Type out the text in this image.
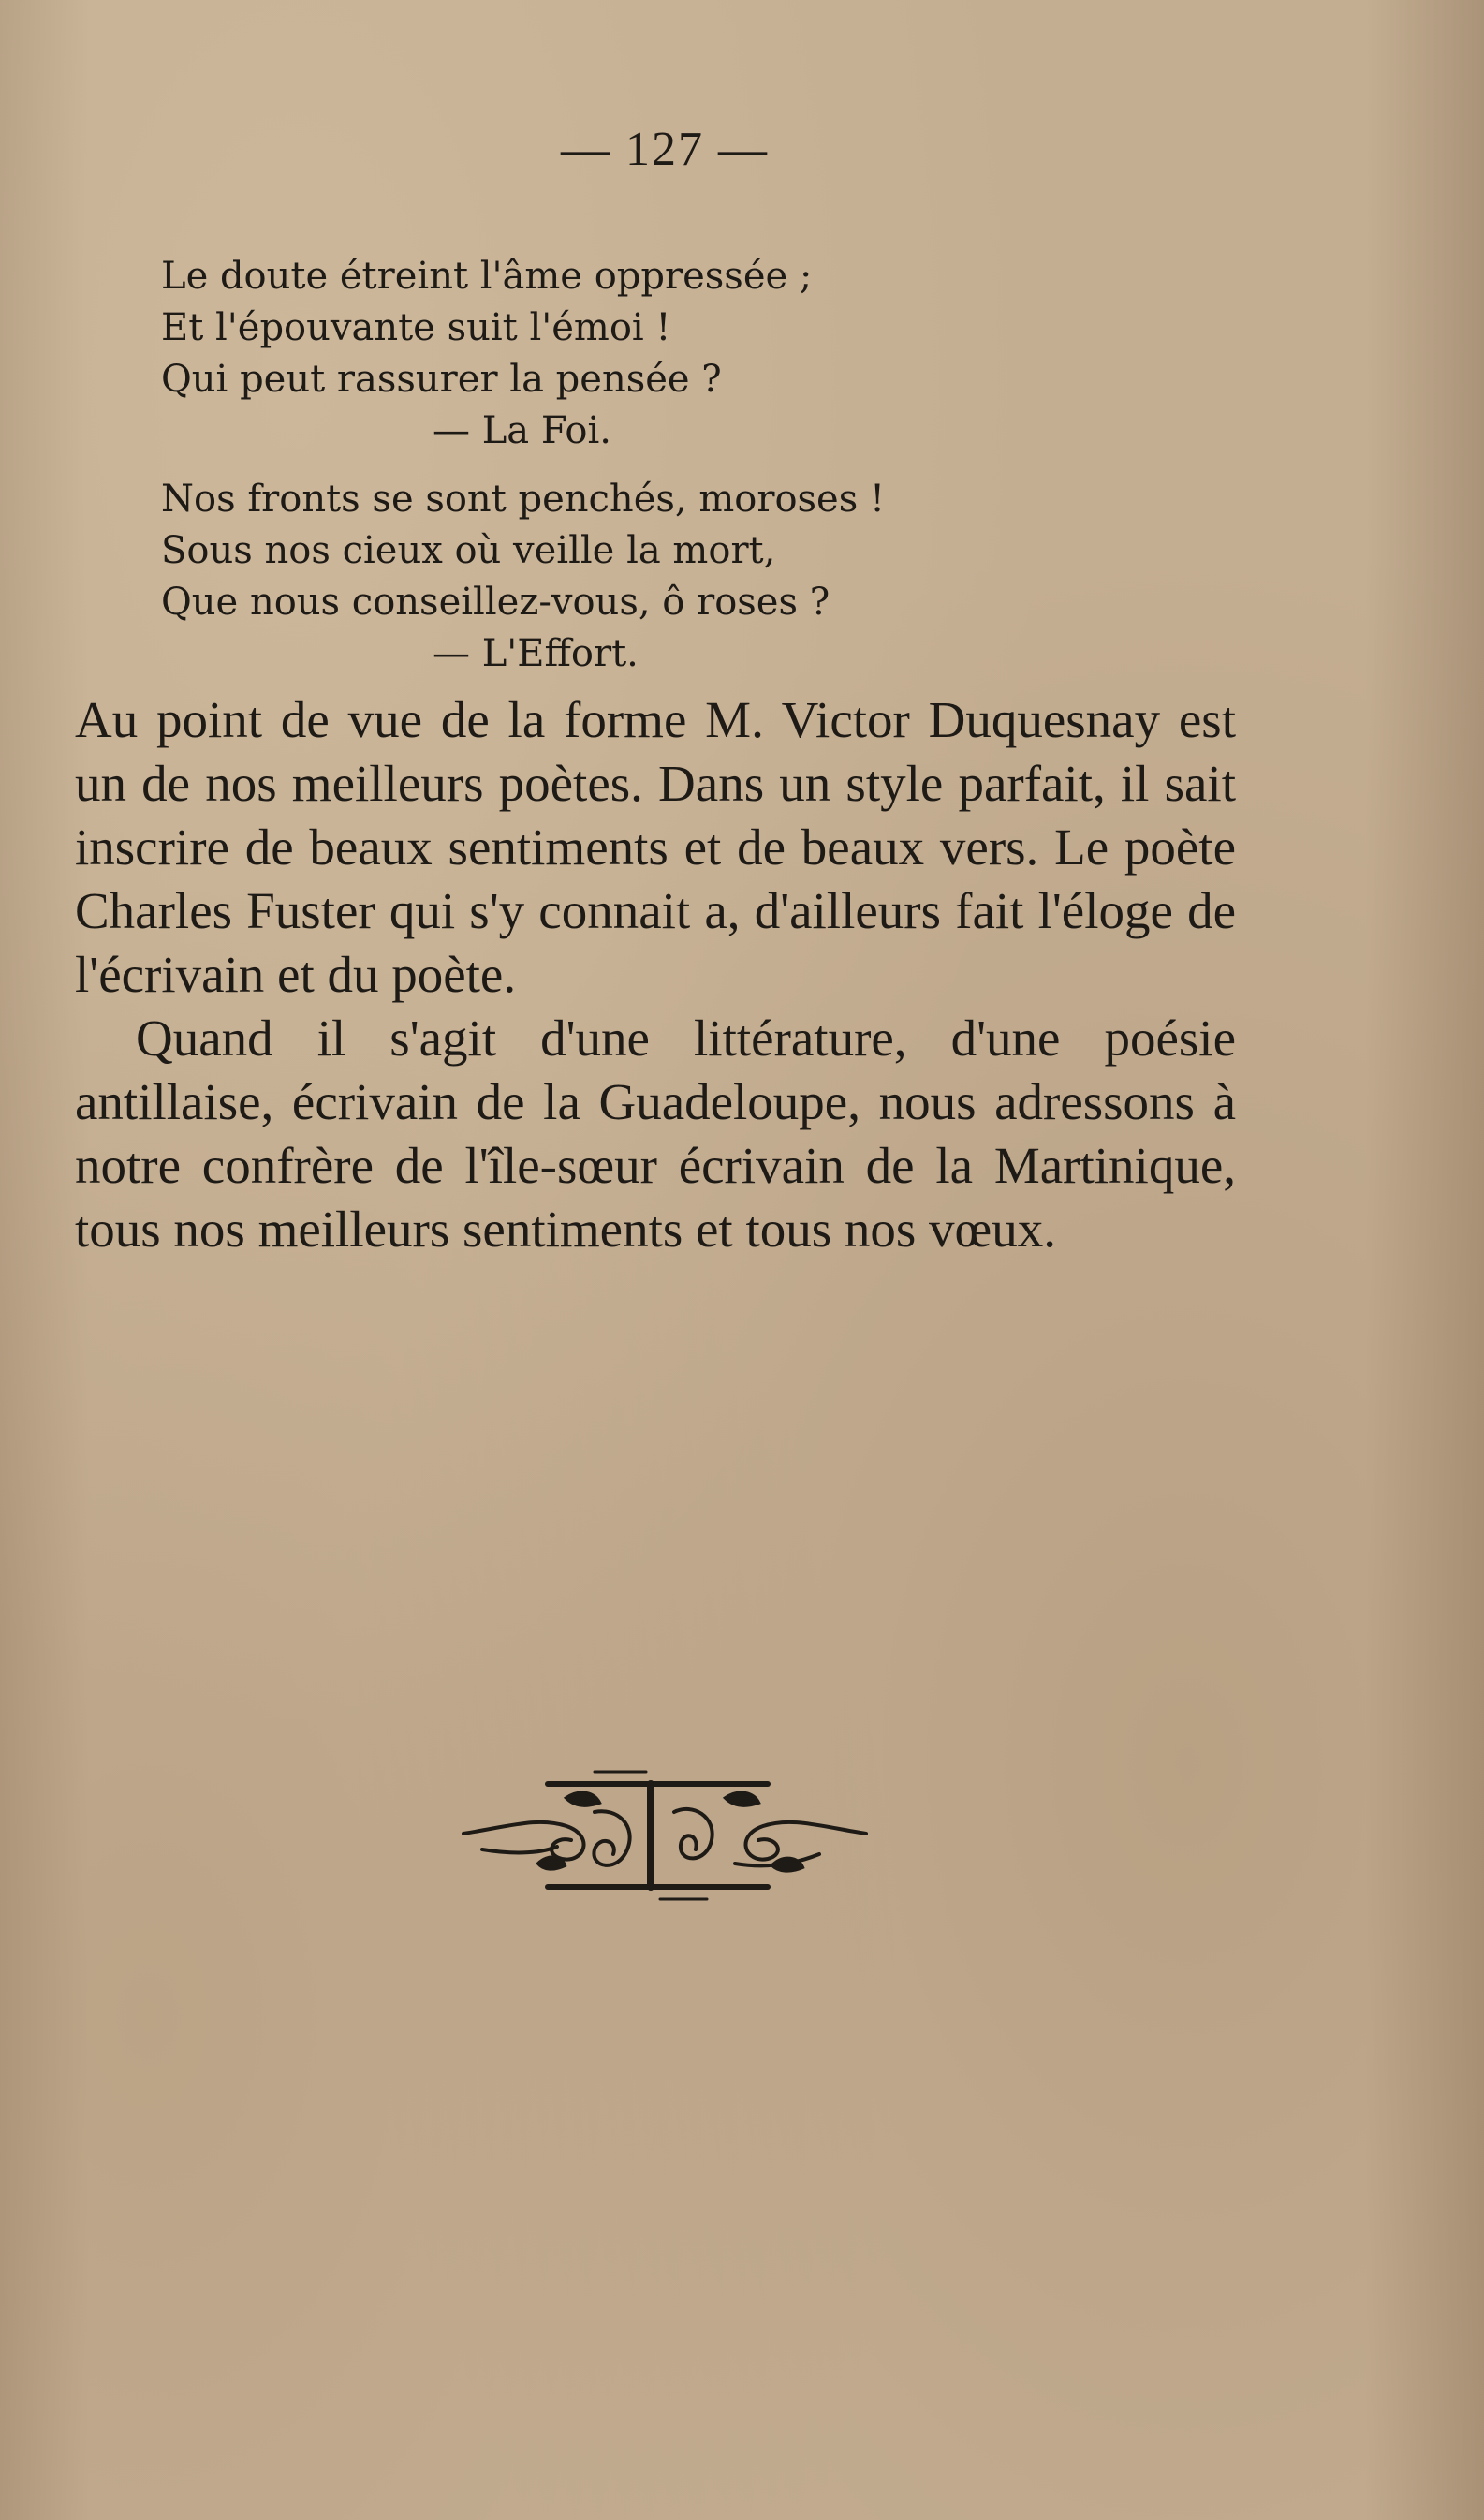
— 127 —
Le doute étreint l'âme oppressée ;
Et l'épouvante suit l'émoi !
Qui peut rassurer la pensée ?
— La Foi.
Nos fronts se sont penchés, moroses !
Sous nos cieux où veille la mort,
Que nous conseillez-vous, ô roses ?
— L'Effort.

Au point de vue de la forme M. Victor Duquesnay est un de nos meilleurs poètes. Dans un style parfait, il sait inscrire de beaux sentiments et de beaux vers. Le poète Charles Fuster qui s'y connait a, d'ailleurs fait l'éloge de l'écrivain et du poète.

Quand il s'agit d'une littérature, d'une poésie antillaise, écrivain de la Guadeloupe, nous adressons à notre confrère de l'île-sœur écrivain de la Martinique, tous nos meilleurs sentiments et tous nos vœux.
